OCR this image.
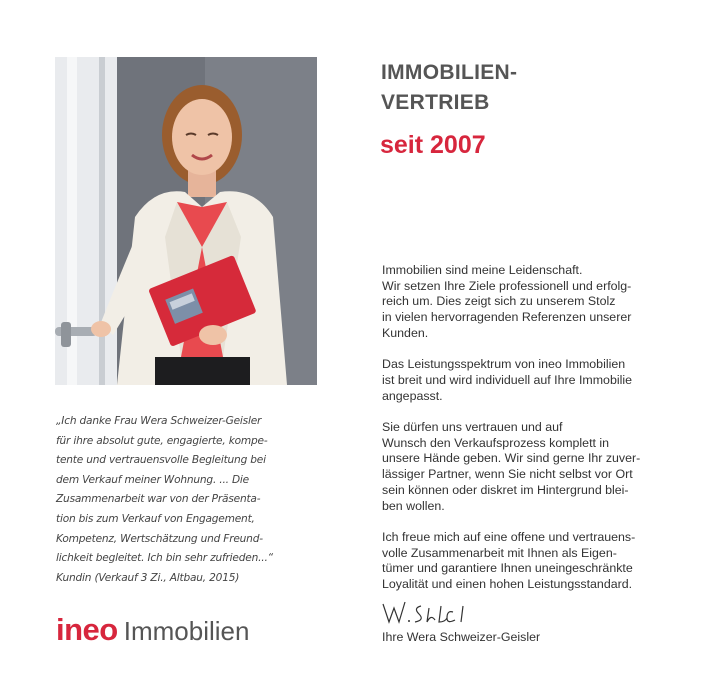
„Ich danke Frau Wera Schweizer-Geisler

für ihre absolut gute, engagierte, kompe-

tente und vertrauensvolle Begleitung bei

dem Verkauf meiner Wohnung. ... Die

Zusammenarbeit war von der Präsenta-

tion bis zum Verkauf von Engagement,

Kompetenz, Wertschätzung und Freund-

lichkeit begleitet. Ich bin sehr zufrieden...“

Kundin (Verkauf 3 Zi., Altbau, 2015)

ineo Immobilien
IMMOBILIEN-
VERTRIEB
seit 2007
Immobilien sind meine Leidenschaft.
Wir setzen Ihre Ziele professionell und erfolg-
reich um. Dies zeigt sich zu unserem Stolz
in vielen hervorragenden Referenzen unserer
Kunden.
Das Leistungsspektrum von ineo Immobilien
ist breit und wird individuell auf Ihre Immobilie
angepasst.
Sie dürfen uns vertrauen und auf
Wunsch den Verkaufsprozess komplett in
unsere Hände geben. Wir sind gerne Ihr zuver-
lässiger Partner, wenn Sie nicht selbst vor Ort
sein können oder diskret im Hintergrund blei-
ben wollen.
Ich freue mich auf eine offene und vertrauens-
volle Zusammenarbeit mit Ihnen als Eigen-
tümer und garantiere Ihnen uneingeschränkte
Loyalität und einen hohen Leistungsstandard.
Ihre Wera Schweizer-Geisler
